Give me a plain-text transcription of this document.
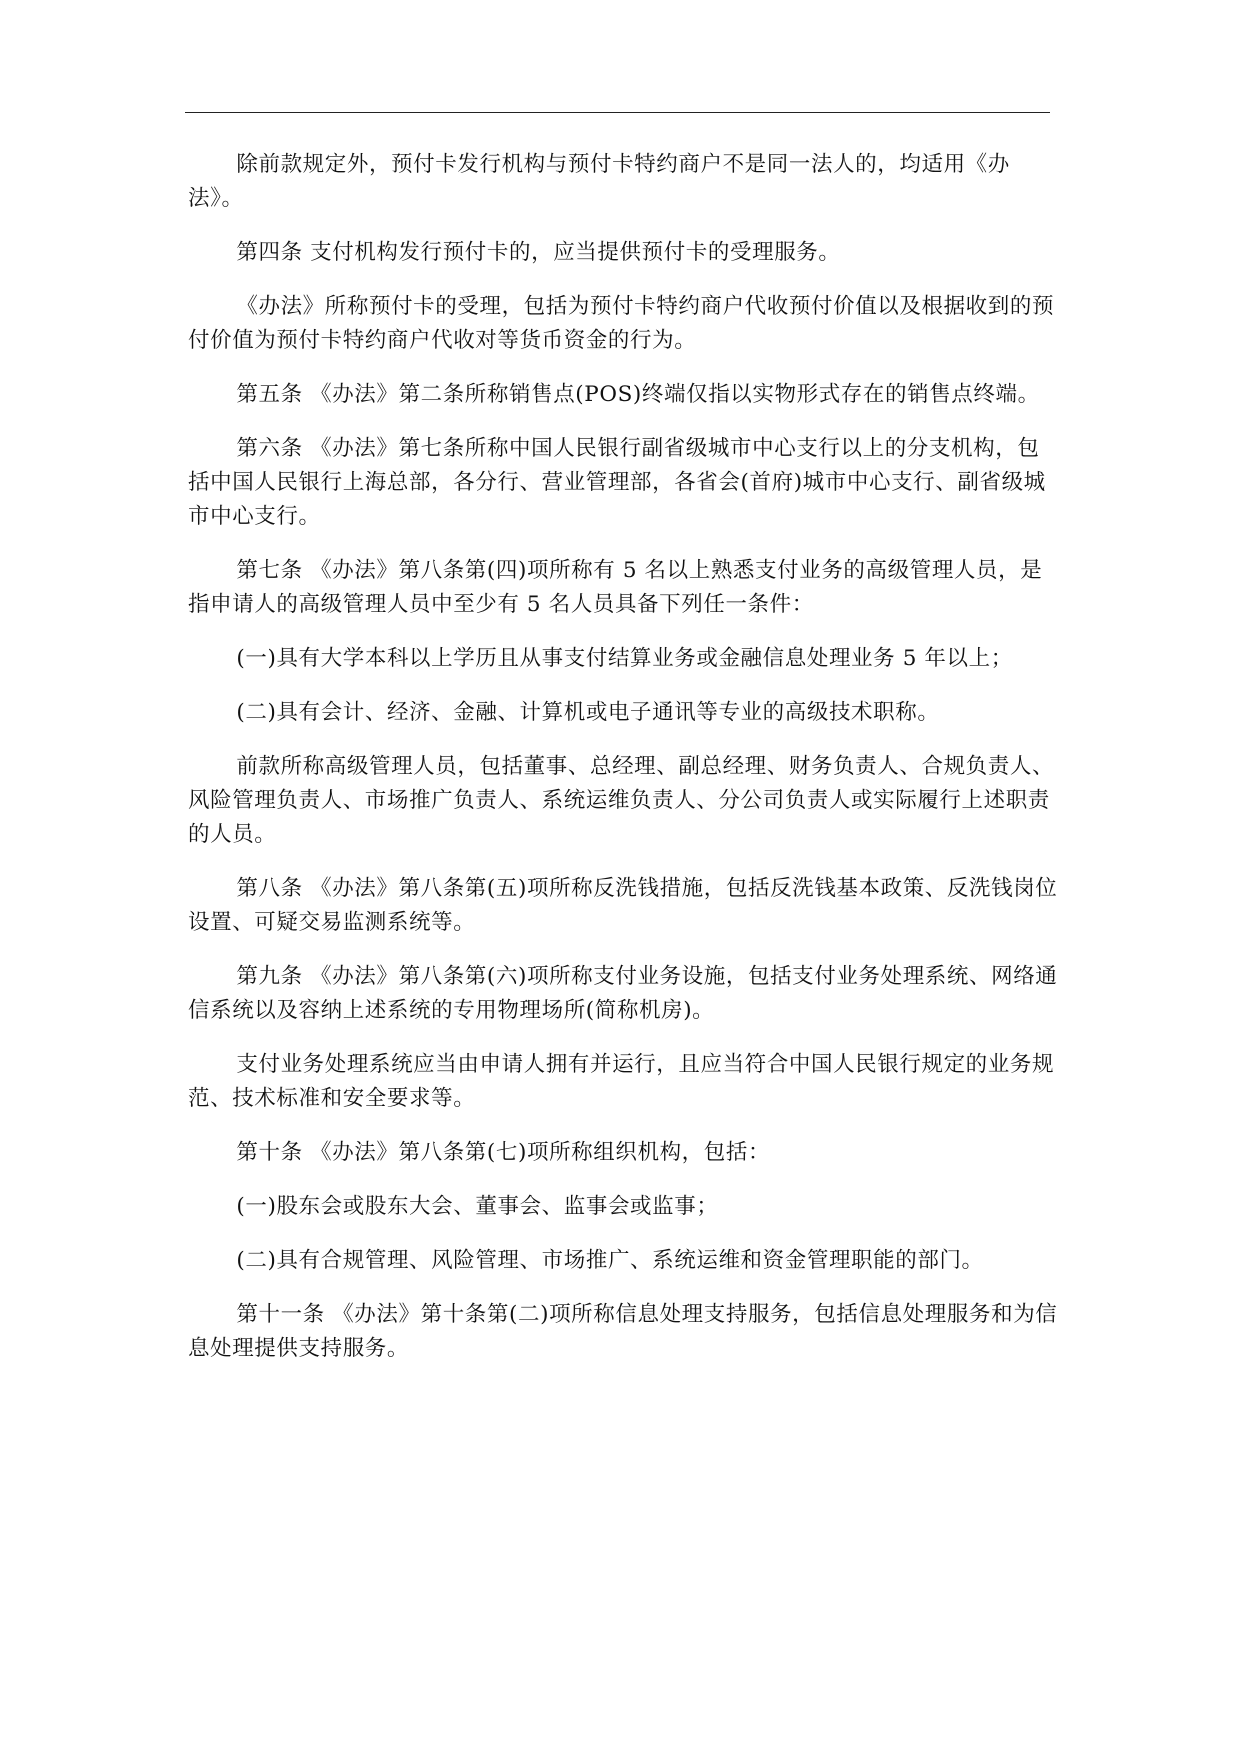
除前款规定外，预付卡发行机构与预付卡特约商户不是同一法人的，均适用《办法》。

第四条 支付机构发行预付卡的，应当提供预付卡的受理服务。

《办法》所称预付卡的受理，包括为预付卡特约商户代收预付价值以及根据收到的预付价值为预付卡特约商户代收对等货币资金的行为。

第五条 《办法》第二条所称销售点(POS)终端仅指以实物形式存在的销售点终端。

第六条 《办法》第七条所称中国人民银行副省级城市中心支行以上的分支机构，包括中国人民银行上海总部，各分行、营业管理部，各省会(首府)城市中心支行、副省级城市中心支行。

第七条 《办法》第八条第(四)项所称有 5 名以上熟悉支付业务的高级管理人员，是指申请人的高级管理人员中至少有 5 名人员具备下列任一条件：

(一)具有大学本科以上学历且从事支付结算业务或金融信息处理业务 5 年以上；

(二)具有会计、经济、金融、计算机或电子通讯等专业的高级技术职称。

前款所称高级管理人员，包括董事、总经理、副总经理、财务负责人、合规负责人、风险管理负责人、市场推广负责人、系统运维负责人、分公司负责人或实际履行上述职责的人员。

第八条 《办法》第八条第(五)项所称反洗钱措施，包括反洗钱基本政策、反洗钱岗位设置、可疑交易监测系统等。

第九条 《办法》第八条第(六)项所称支付业务设施，包括支付业务处理系统、网络通信系统以及容纳上述系统的专用物理场所(简称机房)。

支付业务处理系统应当由申请人拥有并运行，且应当符合中国人民银行规定的业务规范、技术标准和安全要求等。

第十条 《办法》第八条第(七)项所称组织机构，包括：

(一)股东会或股东大会、董事会、监事会或监事；

(二)具有合规管理、风险管理、市场推广、系统运维和资金管理职能的部门。

第十一条 《办法》第十条第(二)项所称信息处理支持服务，包括信息处理服务和为信息处理提供支持服务。
